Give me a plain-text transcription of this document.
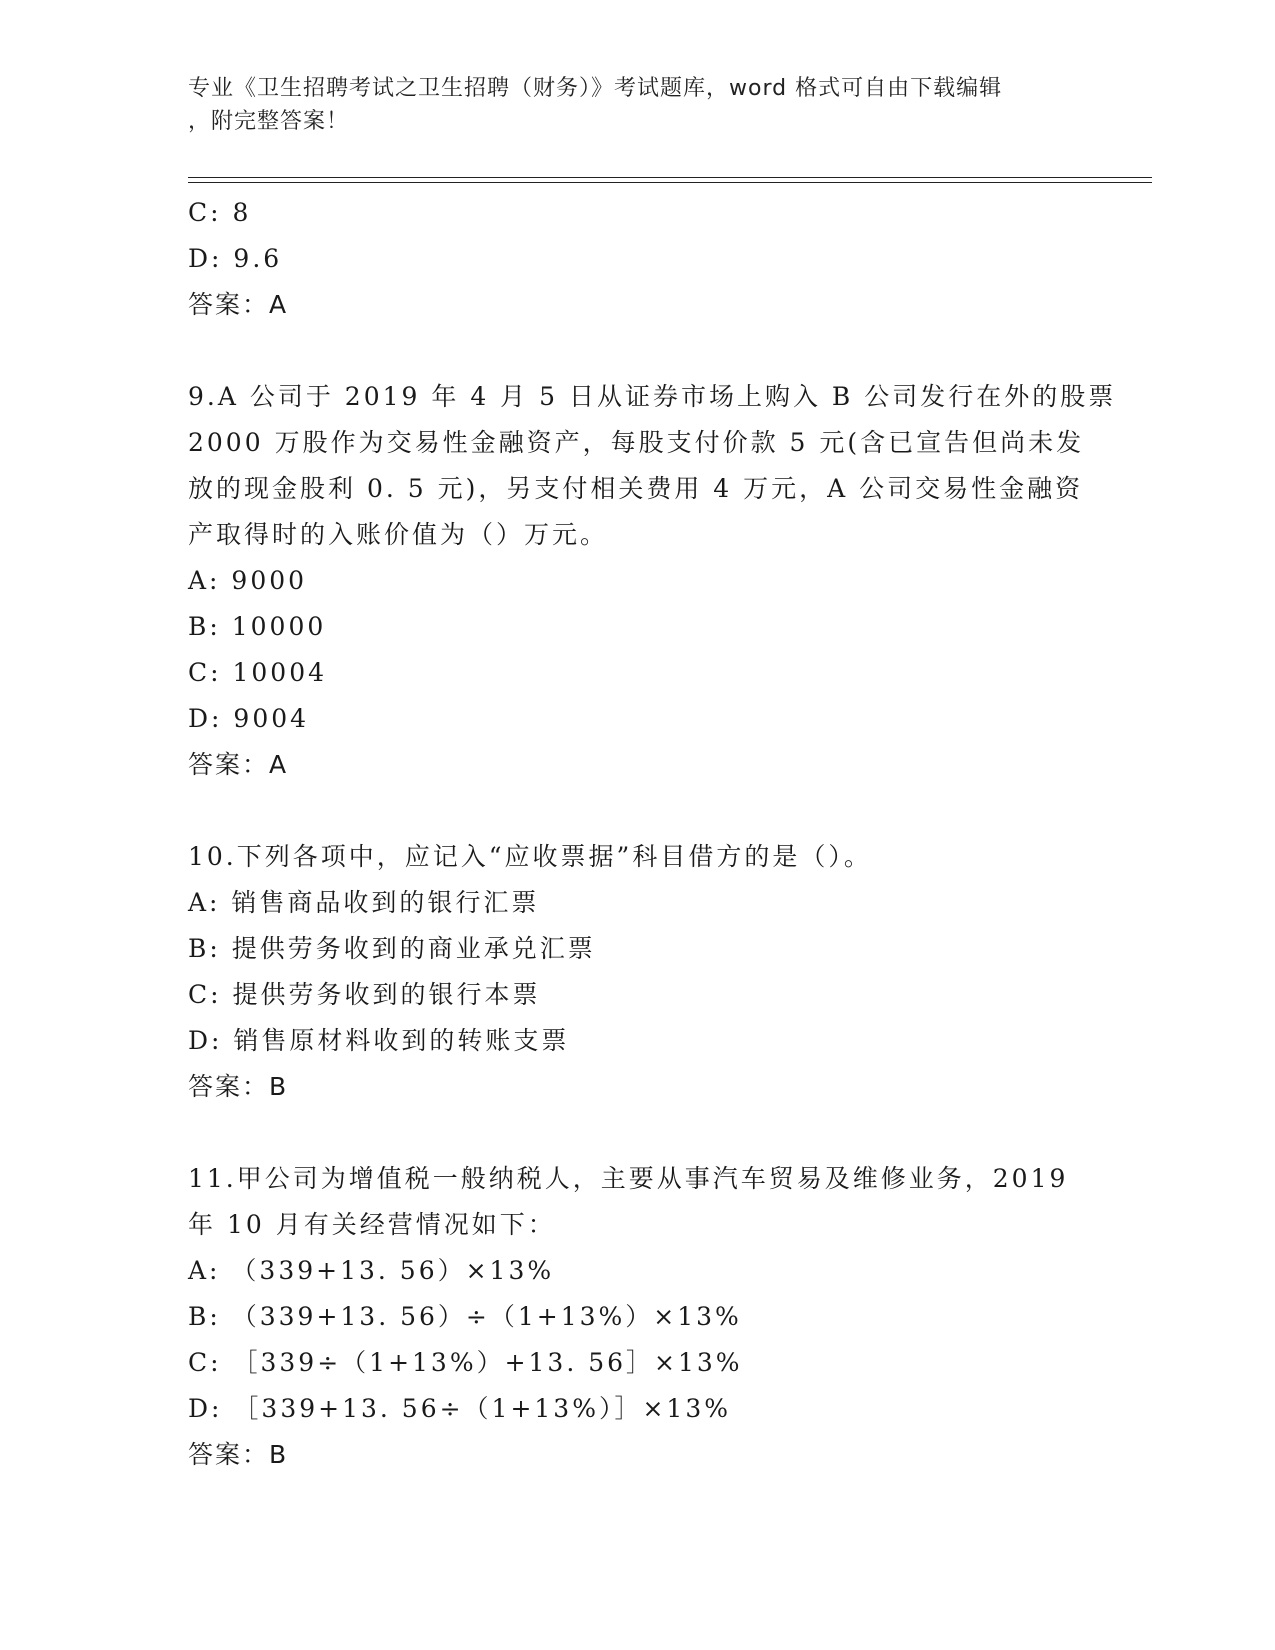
专业《卫生招聘考试之卫生招聘（财务）》考试题库，word 格式可自由下载编辑
，附完整答案！
C: 8
D: 9.6
答案：A
9.A 公司于 2019 年 4 月 5 日从证券市场上购入 B 公司发行在外的股票
2000 万股作为交易性金融资产，每股支付价款 5 元(含已宣告但尚未发
放的现金股利 0. 5 元)，另支付相关费用 4 万元，A 公司交易性金融资
产取得时的入账价值为（）万元。
A: 9000
B: 10000
C: 10004
D: 9004
答案：A
10.下列各项中，应记入“应收票据”科目借方的是（）。
A: 销售商品收到的银行汇票
B: 提供劳务收到的商业承兑汇票
C: 提供劳务收到的银行本票
D: 销售原材料收到的转账支票
答案：B
11.甲公司为增值税一般纳税人，主要从事汽车贸易及维修业务，2019
年 10 月有关经营情况如下：
A: （339+13. 56）×13%
B: （339+13. 56）÷（1+13%）×13%
C: ［339÷（1+13%）+13. 56］×13%
D: ［339+13. 56÷（1+13%）］×13%
答案：B
